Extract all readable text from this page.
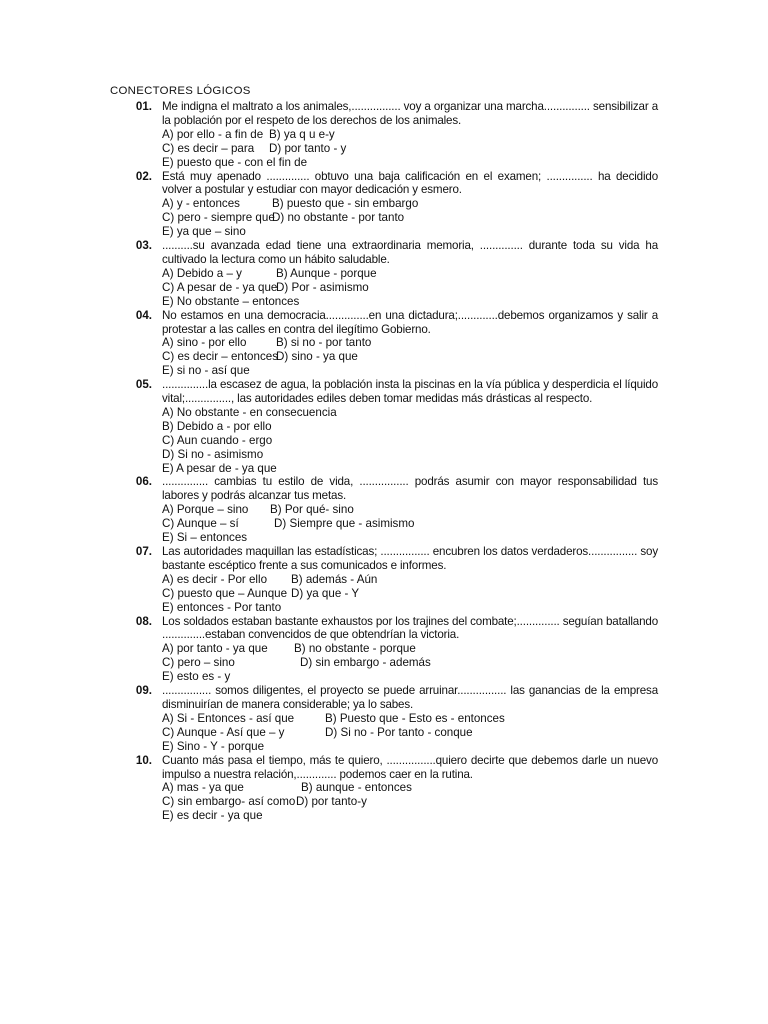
CONECTORES LÓGICOS
01. Me indigna el maltrato a los animales,................ voy a organizar una marcha............... sensibilizar a la población por el respeto de los derechos de los animales.
A) por ello - a fin de B) ya q u e-y
C) es decir – para	D) por tanto - y
E) puesto que - con el fin de
02. Está muy apenado .............. obtuvo una baja calificación en el examen; ............... ha decidido volver a postular y estudiar con mayor dedicación y esmero.
A) y - entonces	B) puesto que - sin embargo
C) pero - siempre que
D) no obstante - por tanto
E) ya que – sino
03. ..........su avanzada edad tiene una extraordinaria memoria, .............. durante toda su vida ha cultivado la lectura como un hábito saludable.
A) Debido a – y	B) Aunque - porque
C) A pesar de - ya que
D) Por - asimismo
E) No obstante – entonces
04. No estamos en una democracia..............en una dictadura;.............debemos organizamos y salir a protestar a las calles en contra del ilegítimo Gobierno.
A) sino - por ello	B) si no - por tanto
C) es decir – entonces
D) sino - ya que
E) si no - así que
05. ...............la escasez de agua, la población insta la piscinas en la vía pública y desperdicia el líquido vital;..............., las autoridades ediles deben tomar medidas más drásticas al respecto.
A) No obstante - en consecuencia
B) Debido a - por ello
C) Aun cuando - ergo
D) Si no - asimismo
E) A pesar de - ya que
06. ............... cambias tu estilo de vida, ................ podrás asumir con mayor responsabilidad tus labores y podrás alcanzar tus metas.
A) Porque – sino	B) Por qué- sino
C) Aunque – sí	D) Siempre que - asimismo
E) Si – entonces
07. Las autoridades maquillan las estadísticas; ................ encubren los datos verdaderos................ soy bastante escéptico frente a sus comunicados e informes.
A) es decir - Por ello	B) además - Aún
C) puesto que – Aunque D) ya que - Y
E) entonces - Por tanto
08. Los soldados estaban bastante exhaustos por los trajines del combate;.............. seguían batallando ..............estaban convencidos de que obtendrían la victoria.
A) por tanto - ya que	B) no obstante - porque
C) pero – sino	D) sin embargo - además
E) esto es - y
09. ................ somos diligentes, el proyecto se puede arruinar................ las ganancias de la empresa disminuirían de manera considerable; ya lo sabes.
A) Si - Entonces - así que	B) Puesto que - Esto es - entonces
C) Aunque - Así que – y	D) Si no - Por tanto - conque
E) Sino - Y - porque
10. Cuanto más pasa el tiempo, más te quiero, ................quiero decirte que debemos darle un nuevo impulso a nuestra relación,............. podemos caer en la rutina.
A) mas - ya que	B) aunque - entonces
C) sin embargo- así como D) por tanto-y
E) es decir - ya que
